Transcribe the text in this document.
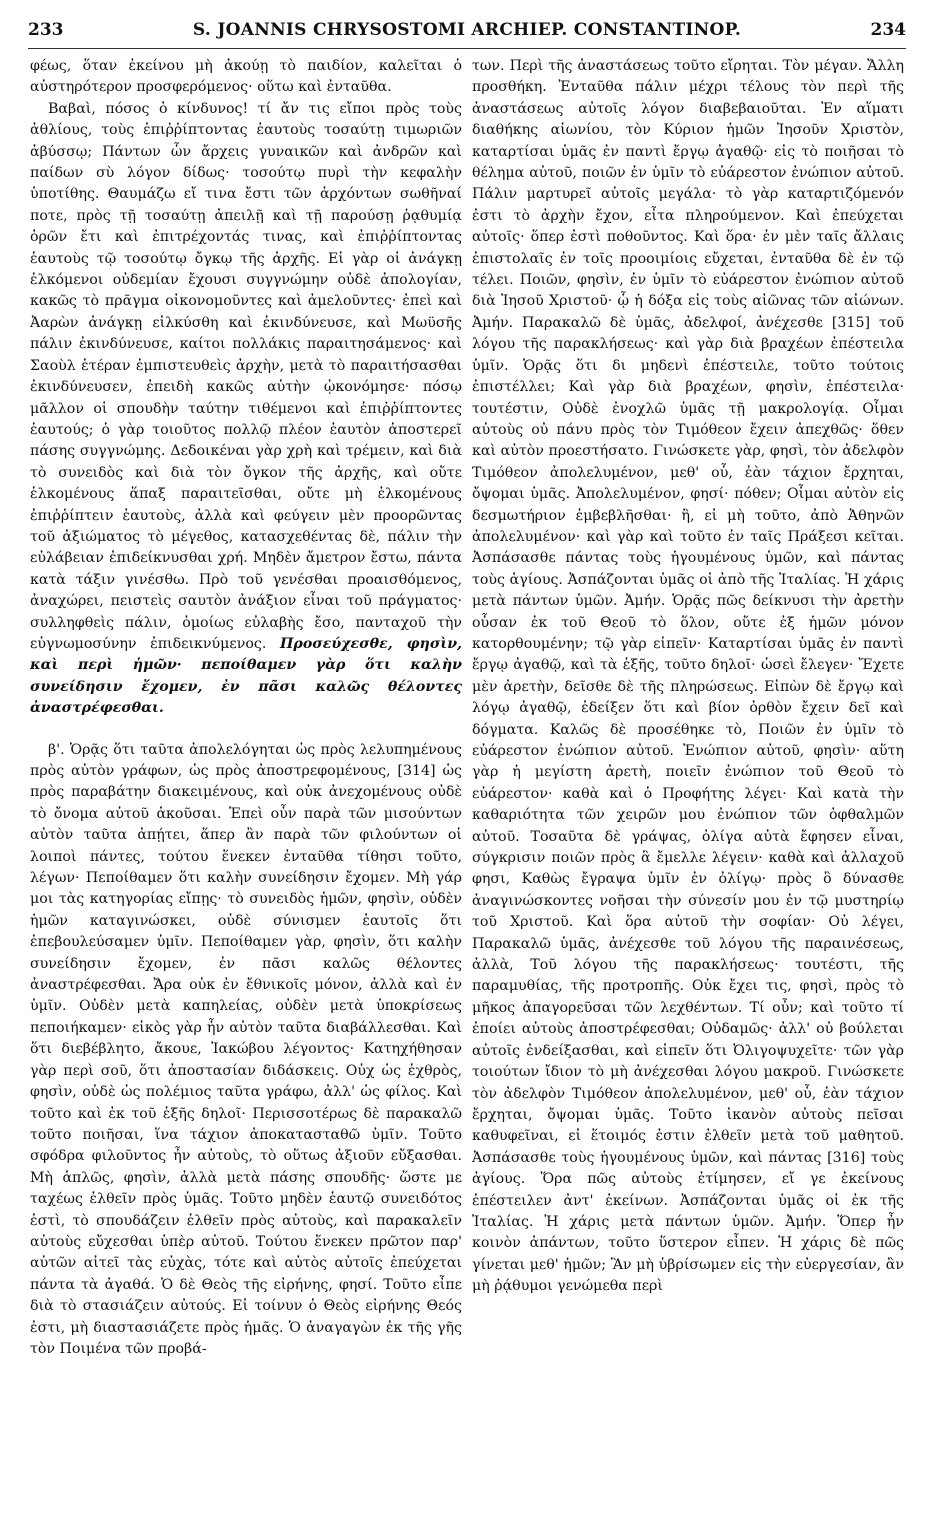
233	S. JOANNIS CHRYSOSTOMI ARCHIEP. CONSTANTINOP.	234

φέως, ὅταν ἐκείνου μὴ ἀκούῃ τὸ παιδίον, καλεῖται ὁ αὐστηρότερον προσφερόμενος· οὕτω καὶ ἐνταῦθα.

Βαβαὶ, πόσος ὁ κίνδυνος! τί ἄν τις εἴποι πρὸς τοὺς ἀθλίους, τοὺς ἐπιῤῥίπτοντας ἑαυτοὺς τοσαύτῃ τιμωριῶν ἀβύσσῳ; Πάντων ὧν ἄρχεις γυναικῶν καὶ ἀνδρῶν καὶ παίδων σὺ λόγον δίδως· τοσούτῳ πυρὶ τὴν κεφαλὴν ὑποτίθης. Θαυμάζω εἴ τινα ἔστι τῶν ἀρχόντων σωθῆναί ποτε, πρὸς τῇ τοσαύτῃ ἀπειλῇ καὶ τῇ παρούσῃ ῥᾳθυμίᾳ ὁρῶν ἔτι καὶ ἐπιτρέχοντάς τινας, καὶ ἐπιῤῥίπτοντας ἑαυτοὺς τῷ τοσούτῳ ὄγκῳ τῆς ἀρχῆς. Εἰ γὰρ οἱ ἀνάγκῃ ἑλκόμενοι οὐδεμίαν ἔχουσι συγγνώμην οὐδὲ ἀπολογίαν, κακῶς τὸ πρᾶγμα οἰκονομοῦντες καὶ ἀμελοῦντες· ἐπεὶ καὶ Ἀαρὼν ἀνάγκῃ εἱλκύσθη καὶ ἐκινδύνευσε, καὶ Μωϋσῆς πάλιν ἐκινδύνευσε, καίτοι πολλάκις παραιτησάμενος· καὶ Σαοὺλ ἑτέραν ἐμπιστευθεὶς ἀρχὴν, μετὰ τὸ παραιτήσασθαι ἐκινδύνευσεν, ἐπειδὴ κακῶς αὐτὴν ᾠκονόμησε· πόσῳ μᾶλλον οἱ σπουδὴν ταύτην τιθέμενοι καὶ ἐπιῤῥίπτοντες ἑαυτούς; ὁ γὰρ τοιοῦτος πολλῷ πλέον ἑαυτὸν ἀποστερεῖ πάσης συγγνώμης. Δεδοικέναι γὰρ χρὴ καὶ τρέμειν, καὶ διὰ τὸ συνειδὸς καὶ διὰ τὸν ὄγκον τῆς ἀρχῆς, καὶ οὔτε ἑλκομένους ἅπαξ παραιτεῖσθαι, οὔτε μὴ ἑλκομένους ἐπιῤῥίπτειν ἑαυτοὺς, ἀλλὰ καὶ φεύγειν μὲν προορῶντας τοῦ ἀξιώματος τὸ μέγεθος, κατασχεθέντας δὲ, πάλιν τὴν εὐλάβειαν ἐπιδείκνυσθαι χρή. Μηδὲν ἄμετρον ἔστω, πάντα κατὰ τάξιν γινέσθω. Πρὸ τοῦ γενέσθαι προαισθόμενος, ἀναχώρει, πειστεὶς σαυτὸν ἀνάξιον εἶναι τοῦ πράγματος· συλληφθεὶς πάλιν, ὁμοίως εὐλαβὴς ἔσο, πανταχοῦ τὴν εὐγνωμοσύνην ἐπιδεικνύμενος. Προσεύχεσθε, φησὶν, καὶ περὶ ἡμῶν· πεποίθαμεν γὰρ ὅτι καλὴν συνείδησιν ἔχομεν, ἐν πᾶσι καλῶς θέλοντες ἀναστρέφεσθαι.

β'. Ὁρᾷς ὅτι ταῦτα ἀπολελόγηται ὡς πρὸς λελυπημένους πρὸς αὐτὸν γράφων, ὡς πρὸς ἀποστρεφομένους, [314] ὡς πρὸς παραβάτην διακειμένους, καὶ οὐκ ἀνεχομένους οὐδὲ τὸ ὄνομα αὐτοῦ ἀκοῦσαι. Ἐπεὶ οὖν παρὰ τῶν μισούντων αὐτὸν ταῦτα ἀπῄτει, ἅπερ ἂν παρὰ τῶν φιλούντων οἱ λοιποὶ πάντες, τούτου ἕνεκεν ἐνταῦθα τίθησι τοῦτο, λέγων· Πεποίθαμεν ὅτι καλὴν συνείδησιν ἔχομεν. Μὴ γάρ μοι τὰς κατηγορίας εἴπῃς· τὸ συνειδὸς ἡμῶν, φησὶν, οὐδὲν ἡμῶν καταγινώσκει, οὐδὲ σύνισμεν ἑαυτοῖς ὅτι ἐπεβουλεύσαμεν ὑμῖν. Πεποίθαμεν γὰρ, φησὶν, ὅτι καλὴν συνείδησιν ἔχομεν, ἐν πᾶσι καλῶς θέλοντες ἀναστρέφεσθαι. Ἄρα οὐκ ἐν ἔθνικοῖς μόνον, ἀλλὰ καὶ ἐν ὑμῖν. Οὐδὲν μετὰ καπηλείας, οὐδὲν μετὰ ὑποκρίσεως πεποιήκαμεν· εἰκὸς γὰρ ἦν αὐτὸν ταῦτα διαβάλλεσθαι. Καὶ ὅτι διεβέβλητο, ἄκουε, Ἰακώβου λέγοντος· Κατηχήθησαν γὰρ περὶ σοῦ, ὅτι ἀποστασίαν διδάσκεις. Οὐχ ὡς ἐχθρὸς, φησὶν, οὐδὲ ὡς πολέμιος ταῦτα γράφω, ἀλλ' ὡς φίλος. Καὶ τοῦτο καὶ ἐκ τοῦ ἑξῆς δηλοῖ· Περισσοτέρως δὲ παρακαλῶ τοῦτο ποιῆσαι, ἵνα τάχιον ἀποκατασταθῶ ὑμῖν. Τοῦτο σφόδρα φιλοῦντος ἦν αὐτοὺς, τὸ οὕτως ἀξιοῦν εὔξασθαι. Μὴ ἁπλῶς, φησὶν, ἀλλὰ μετὰ πάσης σπουδῆς· ὥστε με ταχέως ἐλθεῖν πρὸς ὑμᾶς. Τοῦτο μηδὲν ἑαυτῷ συνειδότος ἐστὶ, τὸ σπουδάζειν ἐλθεῖν πρὸς αὐτοὺς, καὶ παρακαλεῖν αὐτοὺς εὔχεσθαι ὑπὲρ αὐτοῦ. Τούτου ἕνεκεν πρῶτον παρ' αὐτῶν αἰτεῖ τὰς εὐχὰς, τότε καὶ αὐτὸς αὐτοῖς ἐπεύχεται πάντα τὰ ἀγαθά. Ὁ δὲ Θεὸς τῆς εἰρήνης, φησί. Τοῦτο εἶπε διὰ τὸ στασιάζειν αὐτούς. Εἰ τοίνυν ὁ Θεὸς εἰρήνης Θεός ἐστι, μὴ διαστασιάζετε πρὸς ἡμᾶς. Ὁ ἀναγαγὼν ἐκ τῆς γῆς τὸν Ποιμένα τῶν προβά-

των. Περὶ τῆς ἀναστάσεως τοῦτο εἴρηται. Τὸν μέγαν. Ἄλλη προσθήκη. Ἐνταῦθα πάλιν μέχρι τέλους τὸν περὶ τῆς ἀναστάσεως αὐτοῖς λόγον διαβεβαιοῦται. Ἐν αἵματι διαθήκης αἰωνίου, τὸν Κύριον ἡμῶν Ἰησοῦν Χριστὸν, καταρτίσαι ὑμᾶς ἐν παντὶ ἔργῳ ἀγαθῷ· εἰς τὸ ποιῆσαι τὸ θέλημα αὐτοῦ, ποιῶν ἐν ὑμῖν τὸ εὐάρεστον ἐνώπιον αὐτοῦ. Πάλιν μαρτυρεῖ αὐτοῖς μεγάλα· τὸ γὰρ καταρτιζόμενόν ἐστι τὸ ἀρχὴν ἔχον, εἶτα πληρούμενον. Καὶ ἐπεύχεται αὐτοῖς· ὅπερ ἐστὶ ποθοῦντος. Καὶ ὅρα· ἐν μὲν ταῖς ἄλλαις ἐπιστολαῖς ἐν τοῖς προοιμίοις εὔχεται, ἐνταῦθα δὲ ἐν τῷ τέλει. Ποιῶν, φησὶν, ἐν ὑμῖν τὸ εὐάρεστον ἐνώπιον αὐτοῦ διὰ Ἰησοῦ Χριστοῦ· ᾧ ἡ δόξα εἰς τοὺς αἰῶνας τῶν αἰώνων. Ἀμήν. Παρακαλῶ δὲ ὑμᾶς, ἀδελφοί, ἀνέχεσθε [315] τοῦ λόγου τῆς παρακλήσεως· καὶ γὰρ διὰ βραχέων ἐπέστειλα ὑμῖν. Ὁρᾷς ὅτι δι μηδενὶ ἐπέστειλε, τοῦτο τούτοις ἐπιστέλλει; Καὶ γὰρ διὰ βραχέων, φησὶν, ἐπέστειλα· τουτέστιν, Οὐδὲ ἐνοχλῶ ὑμᾶς τῇ μακρολογίᾳ. Οἶμαι αὐτοὺς οὐ πάνυ πρὸς τὸν Τιμόθεον ἔχειν ἀπεχθῶς· ὅθεν καὶ αὐτὸν προεστήσατο. Γινώσκετε γὰρ, φησὶ, τὸν ἀδελφὸν Τιμόθεον ἀπολελυμένον, μεθ' οὗ, ἐὰν τάχιον ἔρχηται, ὄψομαι ὑμᾶς. Ἀπολελυμένον, φησί· πόθεν; Οἶμαι αὐτὸν εἰς δεσμωτήριον ἐμβεβλῆσθαι· ἢ, εἰ μὴ τοῦτο, ἀπὸ Ἀθηνῶν ἀπολελυμένον· καὶ γὰρ καὶ τοῦτο ἐν ταῖς Πράξεσι κεῖται. Ἀσπάσασθε πάντας τοὺς ἡγουμένους ὑμῶν, καὶ πάντας τοὺς ἁγίους. Ἀσπάζονται ὑμᾶς οἱ ἀπὸ τῆς Ἰταλίας. Ἡ χάρις μετὰ πάντων ὑμῶν. Ἀμήν. Ὁρᾷς πῶς δείκνυσι τὴν ἀρετὴν οὖσαν ἐκ τοῦ Θεοῦ τὸ ὅλον, οὔτε ἐξ ἡμῶν μόνον κατορθουμένην; τῷ γὰρ εἰπεῖν· Καταρτίσαι ὑμᾶς ἐν παντὶ ἔργῳ ἀγαθῷ, καὶ τὰ ἑξῆς, τοῦτο δηλοῖ· ὡσεὶ ἔλεγεν· Ἔχετε μὲν ἀρετὴν, δεῖσθε δὲ τῆς πληρώσεως. Εἰπὼν δὲ ἔργῳ καὶ λόγῳ ἀγαθῷ, ἐδείξεν ὅτι καὶ βίον ὀρθὸν ἔχειν δεῖ καὶ δόγματα. Καλῶς δὲ προσέθηκε τὸ, Ποιῶν ἐν ὑμῖν τὸ εὐάρεστον ἐνώπιον αὐτοῦ. Ἐνώπιον αὐτοῦ, φησὶν· αὕτη γὰρ ἡ μεγίστη ἀρετὴ, ποιεῖν ἐνώπιον τοῦ Θεοῦ τὸ εὐάρεστον· καθὰ καὶ ὁ Προφήτης λέγει· Καὶ κατὰ τὴν καθαριότητα τῶν χειρῶν μου ἐνώπιον τῶν ὀφθαλμῶν αὐτοῦ. Τοσαῦτα δὲ γράψας, ὀλίγα αὐτὰ ἔφησεν εἶναι, σύγκρισιν ποιῶν πρὸς ἃ ἔμελλε λέγειν· καθὰ καὶ ἀλλαχοῦ φησι, Καθὼς ἔγραψα ὑμῖν ἐν ὀλίγῳ· πρὸς ὃ δύνασθε ἀναγινώσκοντες νοῆσαι τὴν σύνεσίν μου ἐν τῷ μυστηρίῳ τοῦ Χριστοῦ. Καὶ ὅρα αὐτοῦ τὴν σοφίαν· Οὐ λέγει, Παρακαλῶ ὑμᾶς, ἀνέχεσθε τοῦ λόγου τῆς παραινέσεως, ἀλλὰ, Τοῦ λόγου τῆς παρακλήσεως· τουτέστι, τῆς παραμυθίας, τῆς προτροπῆς. Οὐκ ἔχει τις, φησὶ, πρὸς τὸ μῆκος ἀπαγορεῦσαι τῶν λεχθέντων. Τί οὖν; καὶ τοῦτο τί ἐποίει αὐτοὺς ἀποστρέφεσθαι; Οὐδαμῶς· ἀλλ' οὐ βούλεται αὐτοῖς ἐνδείξασθαι, καὶ εἰπεῖν ὅτι Ὀλιγοψυχεῖτε· τῶν γὰρ τοιούτων ἴδιον τὸ μὴ ἀνέχεσθαι λόγου μακροῦ. Γινώσκετε τὸν ἀδελφὸν Τιμόθεον ἀπολελυμένον, μεθ' οὗ, ἐὰν τάχιον ἔρχηται, ὄψομαι ὑμᾶς. Τοῦτο ἱκανὸν αὐτοὺς πεῖσαι καθυφεῖναι, εἰ ἕτοιμός ἐστιν ἐλθεῖν μετὰ τοῦ μαθητοῦ. Ἀσπάσασθε τοὺς ἡγουμένους ὑμῶν, καὶ πάντας [316] τοὺς ἁγίους. Ὅρα πῶς αὐτοὺς ἐτίμησεν, εἴ γε ἐκείνους ἐπέστειλεν ἀντ' ἐκείνων. Ἀσπάζονται ὑμᾶς οἱ ἐκ τῆς Ἰταλίας. Ἡ χάρις μετὰ πάντων ὑμῶν. Ἀμήν. Ὅπερ ἦν κοινὸν ἁπάντων, τοῦτο ὕστερον εἶπεν. Ἡ χάρις δὲ πῶς γίνεται μεθ' ἡμῶν; Ἂν μὴ ὑβρίσωμεν εἰς τὴν εὐεργεσίαν, ἂν μὴ ῥᾴθυμοι γενώμεθα περὶ
